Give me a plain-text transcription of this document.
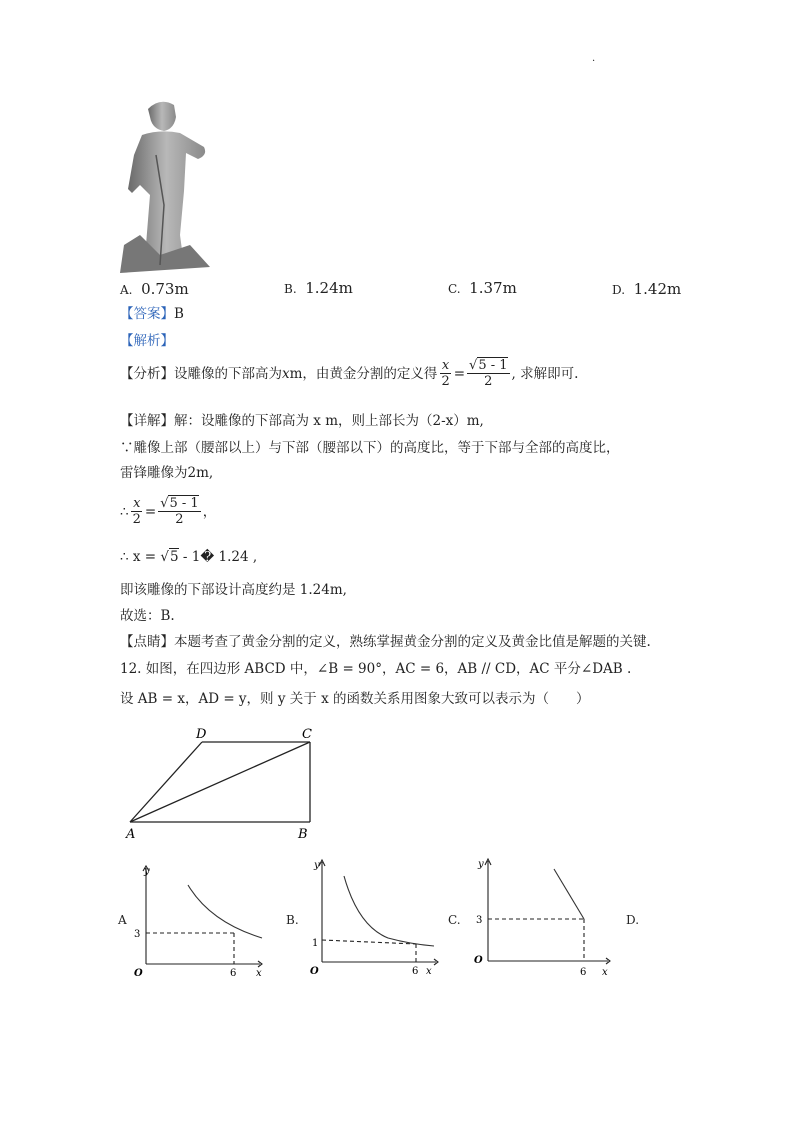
.
A. 0.73m	B. 1.24m	C. 1.37m	D. 1.42m
【答案】B
【解析】
【分析】 设雕像的下部高为 x m，由黄金分割的定义得 $\frac{x}{2} = \frac{√5 - 1}{2}$ , 求解即可.
【详解】解：设雕像的下部高为 x m，则上部长为（2-x）m,
∵雕像上部（腰部以上）与下部（腰部以下）的高度比，等于下部与全部的高度比，
雷锋雕像为2m,
∴ $\frac{x}{2} = \frac{√5 - 1}{2}$ ，
∴ x = √5 - 1� 1.24 ,
即该雕像的下部设计高度约是 1.24m,
故选：B.
【点睛】本题考查了黄金分割的定义，熟练掌握黄金分割的定义及黄金比值是解题的关键.
12. 如图，在四边形 ABCD 中，∠B = 90°，AC = 6，AB // CD，AC 平分∠DAB .
设 AB = x，AD = y，则 y 关于 x 的函数关系用图象大致可以表示为（　　）
D	C
A	B
A
y
x
O
3
6
B.
y
x
O
1
6
C.
y
x
O
3
6
D.
